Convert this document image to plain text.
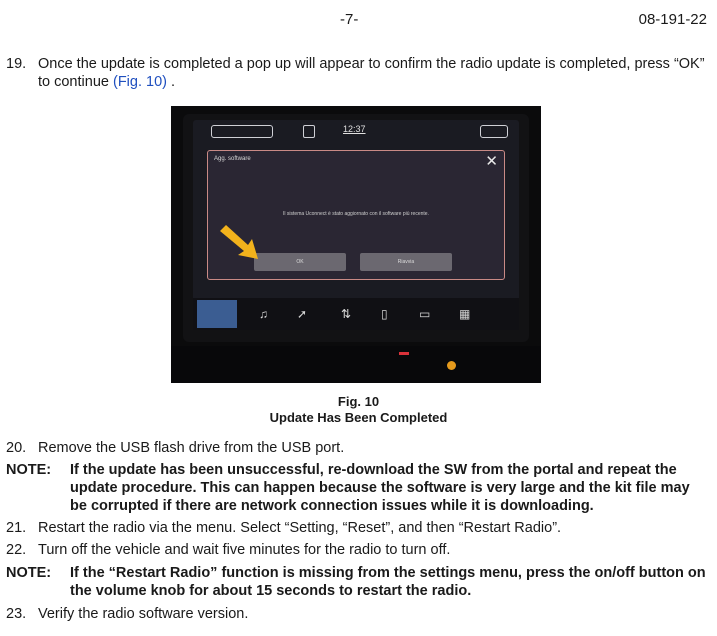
-7-	08-191-22
19. Once the update is completed a pop up will appear to confirm the radio update is completed, press “OK” to continue (Fig. 10) .
12:37
Agg. software	✕
Il sistema Uconnect è stato aggiornato con il software più recente.
OK	Riavvia
♫ ➚	⇅ ▯	▭ ▦
Fig. 10
Update Has Been Completed
20. Remove the USB flash drive from the USB port.
NOTE: If the update has been unsuccessful, re-download the SW from the portal and repeat the update procedure. This can happen because the software is very large and the kit file may be corrupted if there are network connection issues while it is downloading.
21. Restart the radio via the menu. Select “Setting, “Reset”, and then “Restart Radio”.
22. Turn off the vehicle and wait five minutes for the radio to turn off.
NOTE: If the “Restart Radio” function is missing from the settings menu, press the on/off button on the volume knob for about 15 seconds to restart the radio.
23. Verify the radio software version.
